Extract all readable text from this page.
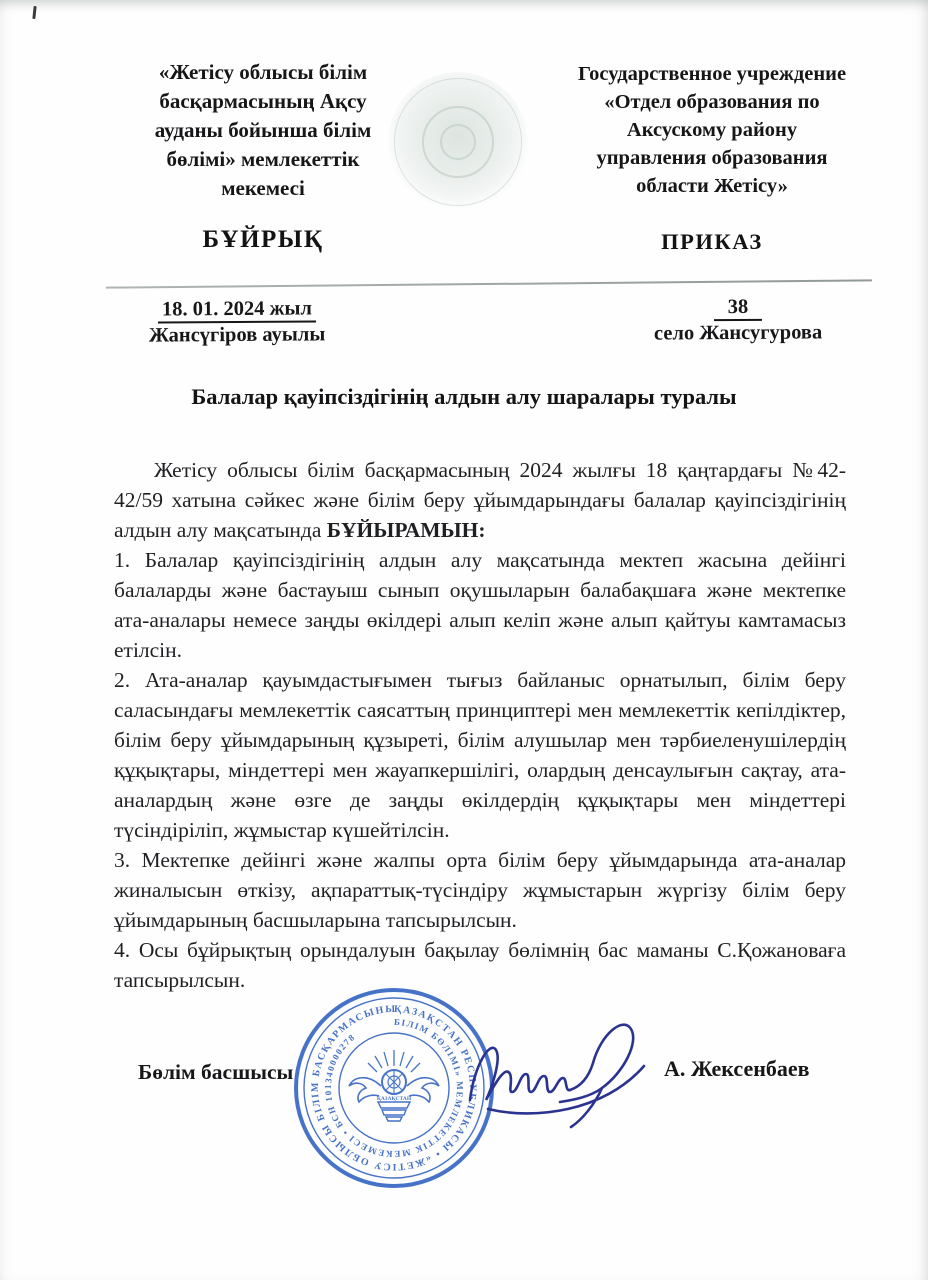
«Жетісу облысы білім
басқармасының Ақсу
ауданы бойынша білім
бөлімі» мемлекеттік
мекемесі
Государственное учреждение
«Отдел образования по
Аксускому району
управления образования
области Жетісу»
БҰЙРЫҚ	ПРИКАЗ
18. 01. 2024 жыл
Жансүгіров ауылы
38
село Жансугурова
Балалар қауіпсіздігінің алдын алу шаралары туралы

Жетісу облысы білім басқармасының 2024 жылғы 18 қаңтардағы №42-42/59 хатына сәйкес және білім беру ұйымдарындағы балалар қауіпсіздігінің алдын алу мақсатында БҰЙЫРАМЫН:

1. Балалар қауіпсіздігінің алдын алу мақсатында мектеп жасына дейінгі балаларды және бастауыш сынып оқушыларын балабақшаға және мектепке ата-аналары немесе заңды өкілдері алып келіп және алып қайтуы камтамасыз етілсін.

2. Ата-аналар қауымдастығымен тығыз байланыс орнатылып, білім беру саласындағы мемлекеттік саясаттың принциптері мен мемлекеттік кепілдіктер, білім беру ұйымдарының құзыреті, білім алушылар мен тәрбиеленушілердің құқықтары, міндеттері мен жауапкершілігі, олардың денсаулығын сақтау, ата-аналардың және өзге де заңды өкілдердің құқықтары мен міндеттері түсіндіріліп, жұмыстар күшейтілсін.

3. Мектепке дейінгі және жалпы орта білім беру ұйымдарында ата-аналар жиналысын өткізу, ақпараттық-түсіндіру жұмыстарын жүргізу білім беру ұйымдарының басшыларына тапсырылсын.

4. Осы бұйрықтың орындалуын бақылау бөлімнің бас маманы С.Қожановаға тапсырылсын.

Бөлім басшысы
ҚАЗАҚСТАН РЕСПУБЛИКАСЫ • «ЖЕТІСУ ОБЛЫСЫ БІЛІМ БАСҚАРМАСЫНЫҢ АҚСУ АУДАНЫ БОЙЫНША
БІЛІМ БӨЛІМІ» МЕМЛЕКЕТТІК МЕКЕМЕСІ • БСН 101340000278
ҚАЗАҚСТАН
А. Жексенбаев
